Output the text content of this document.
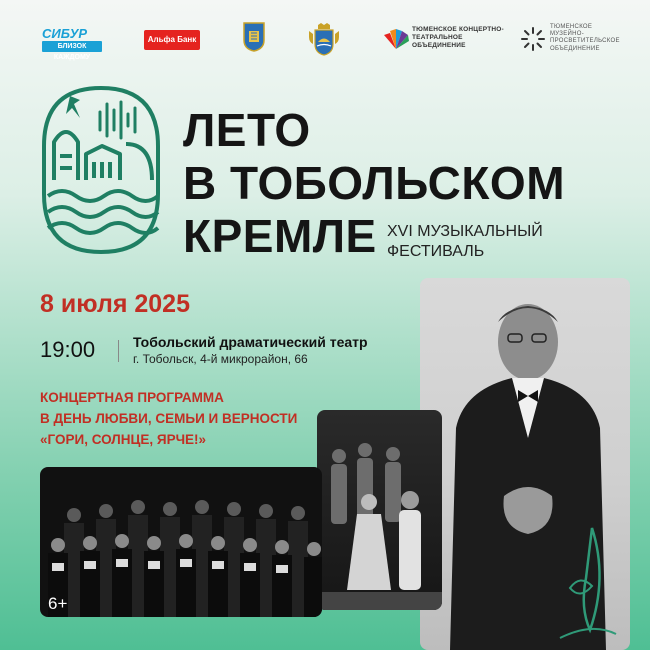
СИБУР
БЛИЗОК КАЖДОМУ
Альфа Банк
ТЮМЕНСКОЕ КОНЦЕРТНО-ТЕАТРАЛЬНОЕ ОБЪЕДИНЕНИЕ
ТЮМЕНСКОЕ
МУЗЕЙНО-
ПРОСВЕТИТЕЛЬСКОЕ
ОБЪЕДИНЕНИЕ
ЛЕТО
В ТОБОЛЬСКОМ
КРЕМЛЕ XVI МУЗЫКАЛЬНЫЙ
ФЕСТИВАЛЬ
8 июля 2025
19:00	Тобольский драматический театр
г. Тобольск, 4-й микрорайон, 66
КОНЦЕРТНАЯ ПРОГРАММА
В ДЕНЬ ЛЮБВИ, СЕМЬИ И ВЕРНОСТИ
«ГОРИ, СОЛНЦЕ, ЯРЧЕ!»
6+
